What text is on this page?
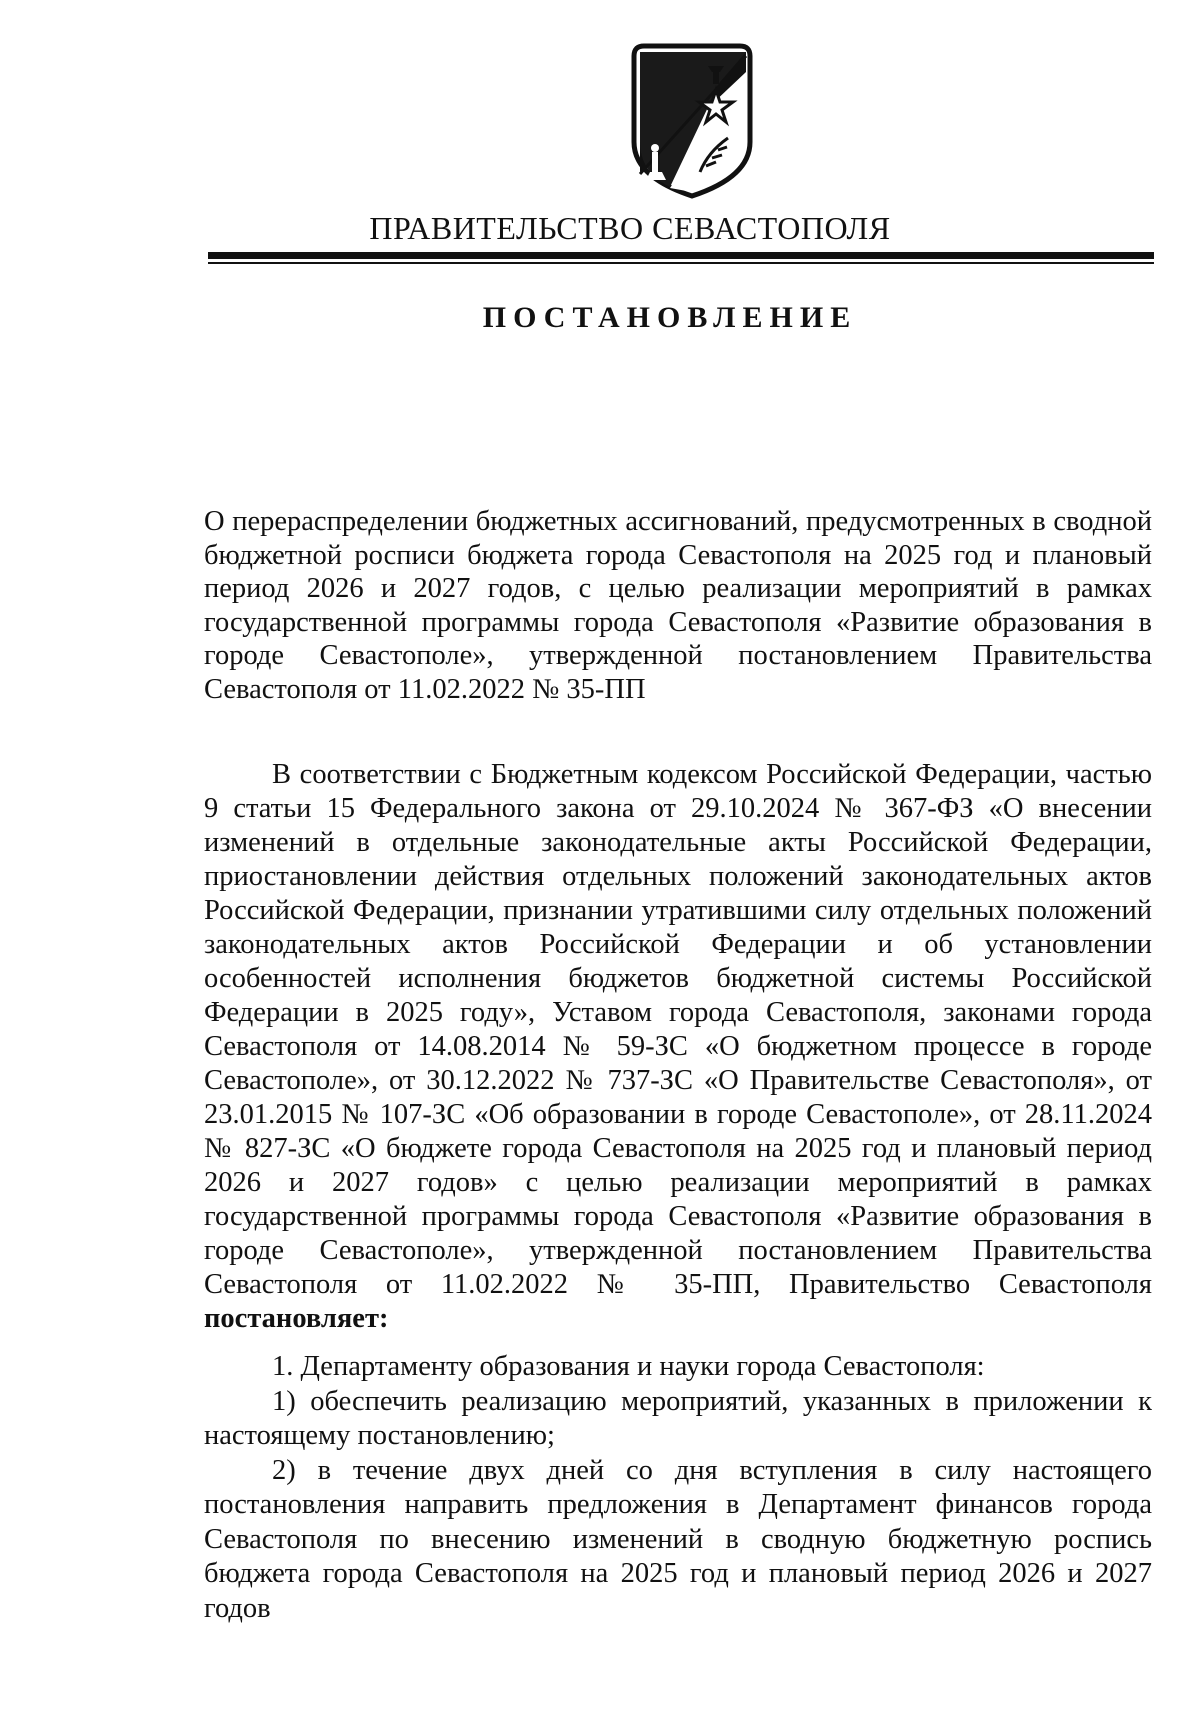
ПРАВИТЕЛЬСТВО СЕВАСТОПОЛЯ
ПОСТАНОВЛЕНИЕ
О перераспределении бюджетных ассигнований, предусмотренных в сводной бюджетной росписи бюджета города Севастополя на 2025 год и плановый период 2026 и 2027 годов, с целью реализации мероприятий в рамках государственной программы города Севастополя «Развитие образования в городе Севастополе», утвержденной постановлением Правительства Севастополя от 11.02.2022 № 35-ПП
В соответствии с Бюджетным кодексом Российской Федерации, частью 9 статьи 15 Федерального закона от 29.10.2024 № 367-ФЗ «О внесении изменений в отдельные законодательные акты Российской Федерации, приостановлении действия отдельных положений законодательных актов Российской Федерации, признании утратившими силу отдельных положений законодательных актов Российской Федерации и об установлении особенностей исполнения бюджетов бюджетной системы Российской Федерации в 2025 году», Уставом города Севастополя, законами города Севастополя от 14.08.2014 № 59-ЗС «О бюджетном процессе в городе Севастополе», от 30.12.2022 № 737-ЗС «О Правительстве Севастополя», от 23.01.2015 № 107-ЗС «Об образовании в городе Севастополе», от 28.11.2024 № 827-ЗС «О бюджете города Севастополя на 2025 год и плановый период 2026 и 2027 годов» с целью реализации мероприятий в рамках государственной программы города Севастополя «Развитие образования в городе Севастополе», утвержденной постановлением Правительства Севастополя от 11.02.2022 № 35-ПП, Правительство Севастополя постановляет:

1. Департаменту образования и науки города Севастополя:

1) обеспечить реализацию мероприятий, указанных в приложении к настоящему постановлению;

2) в течение двух дней со дня вступления в силу настоящего постановления направить предложения в Департамент финансов города Севастополя по внесению изменений в сводную бюджетную роспись бюджета города Севастополя на 2025 год и плановый период 2026 и 2027 годов
